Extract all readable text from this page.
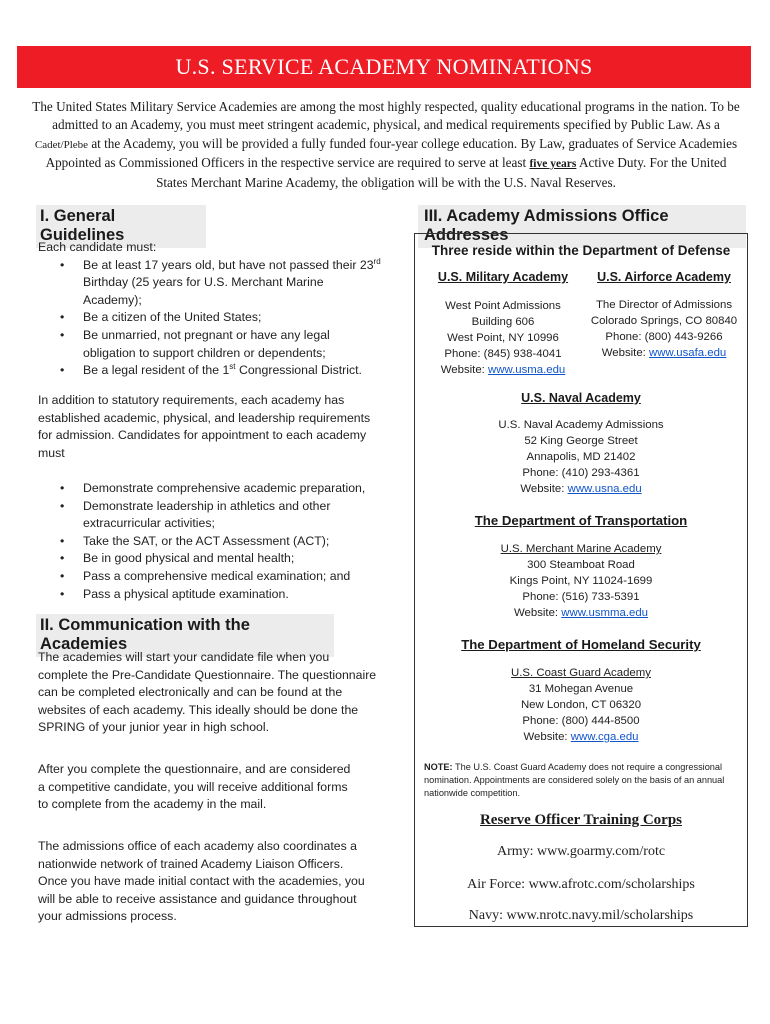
U.S. SERVICE ACADEMY NOMINATIONS
The United States Military Service Academies are among the most highly respected, quality educational programs in the nation. To be admitted to an Academy, you must meet stringent academic, physical, and medical requirements specified by Public Law. As a Cadet/Plebe at the Academy, you will be provided a fully funded four-year college education. By Law, graduates of Service Academies Appointed as Commissioned Officers in the respective service are required to serve at least five years Active Duty. For the United States Merchant Marine Academy, the obligation will be with the U.S. Naval Reserves.
I. General Guidelines
Each candidate must:
• Be at least 17 years old, but have not passed their 23rd Birthday (25 years for U.S. Merchant Marine Academy);
• Be a citizen of the United States;
• Be unmarried, not pregnant or have any legal obligation to support children or dependents;
• Be a legal resident of the 1st Congressional District.
In addition to statutory requirements, each academy has established academic, physical, and leadership requirements for admission. Candidates for appointment to each academy must
• Demonstrate comprehensive academic preparation,
• Demonstrate leadership in athletics and other extracurricular activities;
• Take the SAT, or the ACT Assessment (ACT);
• Be in good physical and mental health;
• Pass a comprehensive medical examination; and
• Pass a physical aptitude examination.
II. Communication with the Academies
The academies will start your candidate file when you complete the Pre-Candidate Questionnaire. The questionnaire can be completed electronically and can be found at the websites of each academy. This ideally should be done the SPRING of your junior year in high school.
After you complete the questionnaire, and are considered a competitive candidate, you will receive additional forms to complete from the academy in the mail.
The admissions office of each academy also coordinates a nationwide network of trained Academy Liaison Officers. Once you have made initial contact with the academies, you will be able to receive assistance and guidance throughout your admissions process.
III. Academy Admissions Office Addresses
Three reside within the Department of Defense
U.S. Military Academy
West Point Admissions
Building 606
West Point, NY 10996
Phone: (845) 938-4041
Website: www.usma.edu
U.S. Airforce Academy
The Director of Admissions
Colorado Springs, CO 80840
Phone: (800) 443-9266
Website: www.usafa.edu
U.S. Naval Academy
U.S. Naval Academy Admissions
52 King George Street
Annapolis, MD 21402
Phone: (410) 293-4361
Website: www.usna.edu
The Department of Transportation
U.S. Merchant Marine Academy
300 Steamboat Road
Kings Point, NY 11024-1699
Phone: (516) 733-5391
Website: www.usmma.edu
The Department of Homeland Security
U.S. Coast Guard Academy
31 Mohegan Avenue
New London, CT 06320
Phone: (800) 444-8500
Website: www.cga.edu
NOTE: The U.S. Coast Guard Academy does not require a congressional nomination. Appointments are considered solely on the basis of an annual nationwide competition.
Reserve Officer Training Corps
Army: www.goarmy.com/rotc
Air Force: www.afrotc.com/scholarships
Navy: www.nrotc.navy.mil/scholarships
